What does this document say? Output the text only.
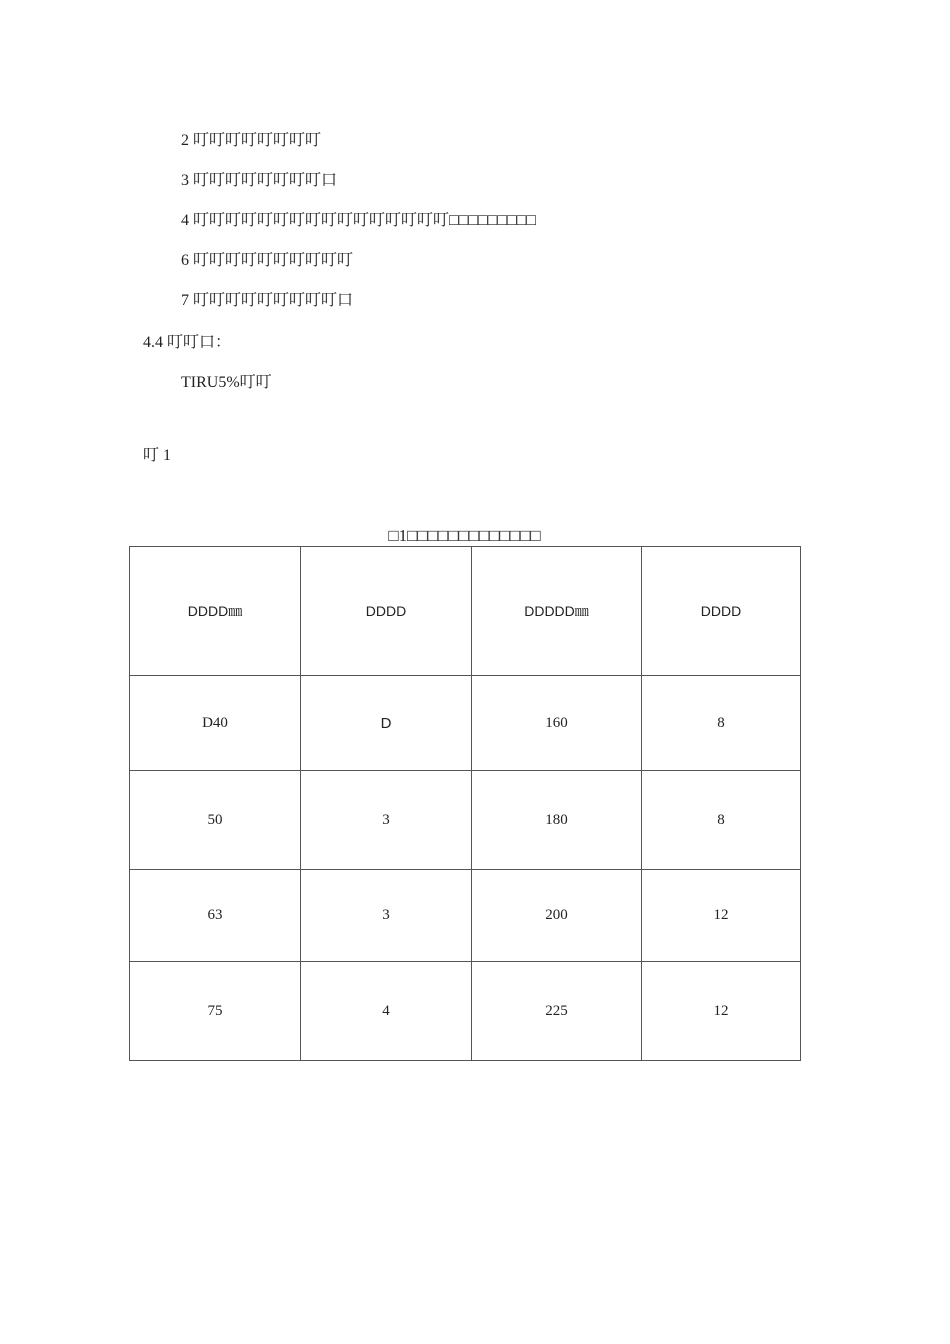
2 叮叮叮叮叮叮叮叮
3 叮叮叮叮叮叮叮叮口
4 叮叮叮叮叮叮叮叮叮叮叮叮叮叮叮叮□□□□□□□□□
6 叮叮叮叮叮叮叮叮叮叮
7 叮叮叮叮叮叮叮叮叮口
4.4 叮叮口：
TIRU5%叮叮
叮 1
□1□□□□□□□□□□□□□
DDDD㎜	DDDD	DDDDD㎜	DDDD
D40	D	160	8
50	3	180	8
63	3	200	12
75	4	225	12
